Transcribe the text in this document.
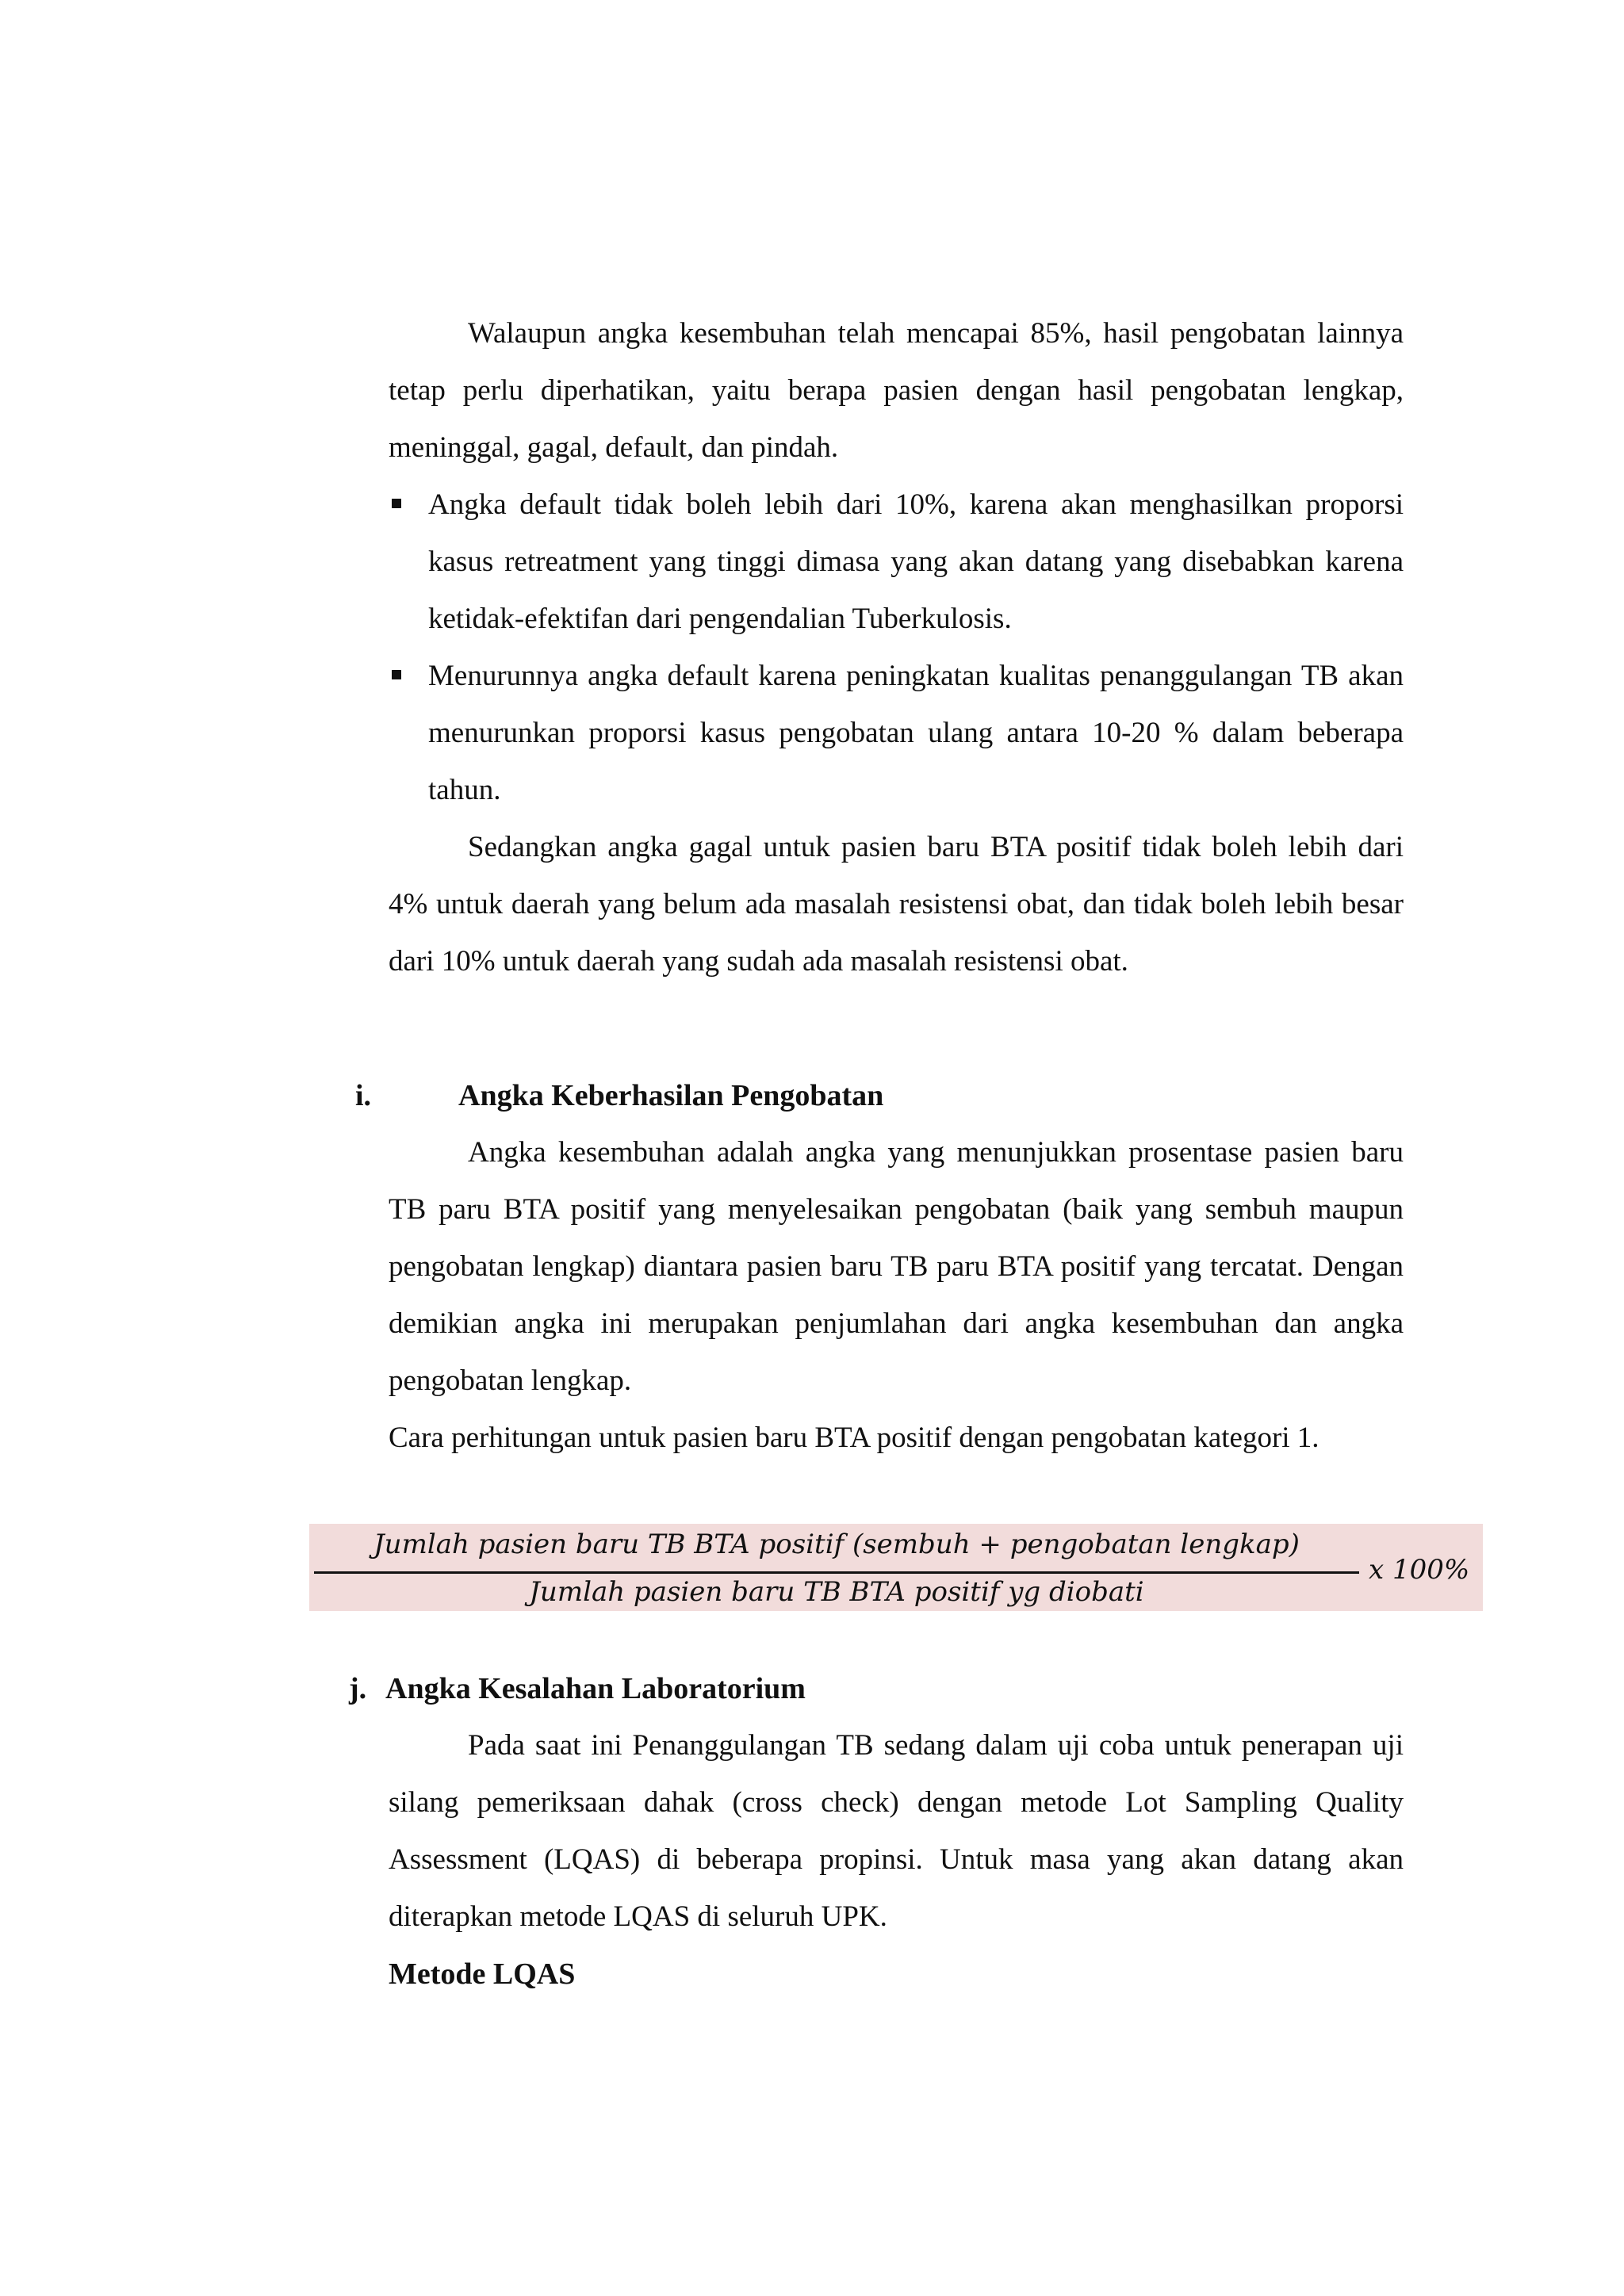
Walaupun angka kesembuhan telah mencapai 85%, hasil pengobatan lainnya tetap perlu diperhatikan, yaitu berapa pasien dengan hasil pengobatan lengkap, meninggal, gagal, default, dan pindah.

Angka default tidak boleh lebih dari 10%, karena akan menghasilkan proporsi kasus retreatment yang tinggi dimasa yang akan datang yang disebabkan karena ketidak-efektifan dari pengendalian Tuberkulosis.
Menurunnya angka default karena peningkatan kualitas penanggulangan TB akan menurunkan proporsi kasus pengobatan ulang antara 10-20 % dalam beberapa tahun.

Sedangkan angka gagal untuk pasien baru BTA positif tidak boleh lebih dari 4% untuk daerah yang belum ada masalah resistensi obat, dan tidak boleh lebih besar dari 10% untuk daerah yang sudah ada masalah resistensi obat.

i.	Angka Keberhasilan Pengobatan

Angka kesembuhan adalah angka yang menunjukkan prosentase pasien baru TB paru BTA positif yang menyelesaikan pengobatan (baik yang sembuh maupun pengobatan lengkap) diantara pasien baru TB paru BTA positif yang tercatat. Dengan demikian angka ini merupakan penjumlahan dari angka kesembuhan dan angka pengobatan lengkap.

Cara perhitungan untuk pasien baru BTA positif dengan pengobatan kategori 1.

Jumlah pasien baru TB BTA positif (sembuh + pengobatan lengkap)
Jumlah pasien baru TB BTA positif yg diobati
x 100%
j. Angka Kesalahan Laboratorium

Pada saat ini Penanggulangan TB sedang dalam uji coba untuk penerapan uji silang pemeriksaan dahak (cross check) dengan metode Lot Sampling Quality Assessment (LQAS) di beberapa propinsi. Untuk masa yang akan datang akan diterapkan metode LQAS di seluruh UPK.

Metode LQAS
